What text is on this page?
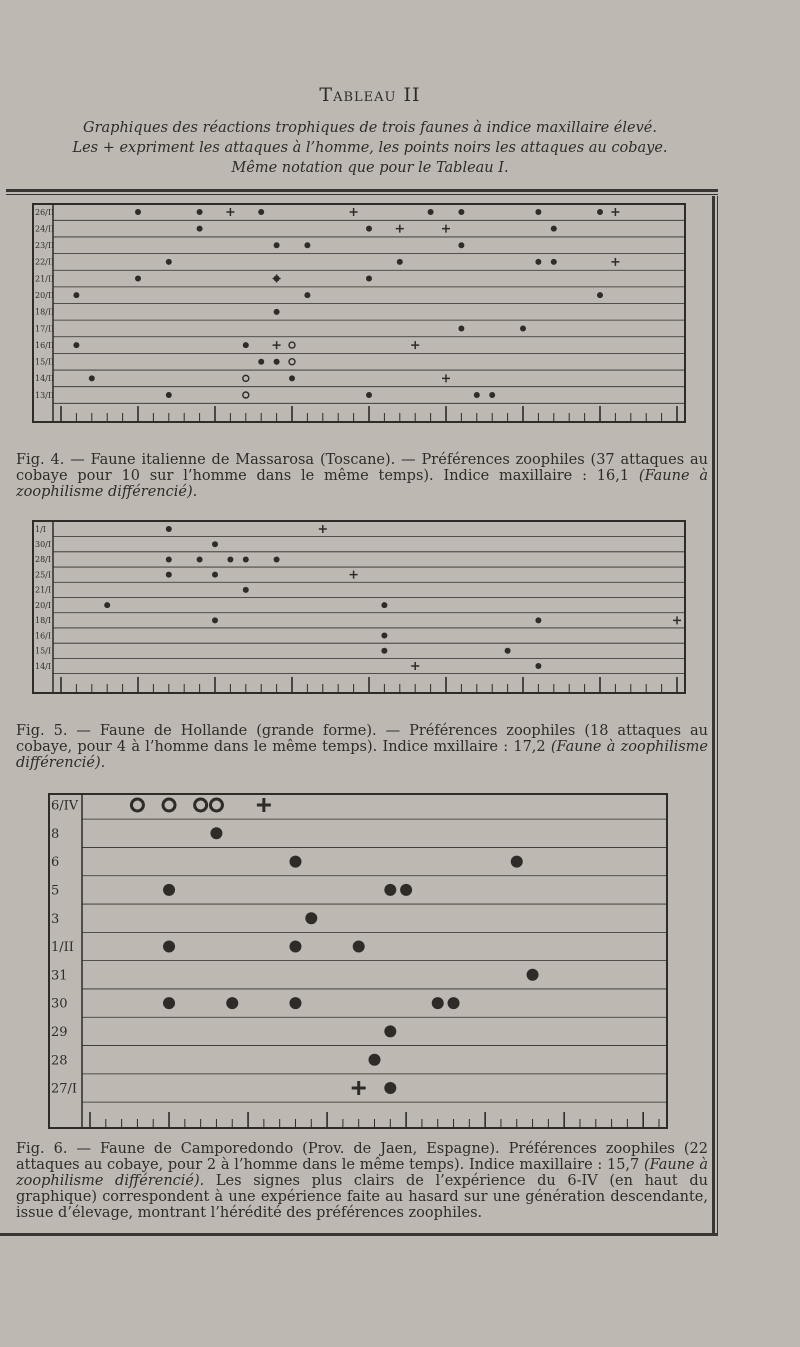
Tableau II
Graphiques des réactions trophiques de trois faunes à indice maxillaire élevé.
Les + expriment les attaques à l’homme, les points noirs les attaques au cobaye.
Même notation que pour le Tableau I.
26/II
24/II
23/II
22/II
21/II
20/II
18/II
17/II
16/II
15/II
14/II
13/II
1/I
30/I
28/I
25/I
21/I
20/I
18/I
16/I
15/I
14/I
6/IV
8
6
5
3
1/II
31
30
29
28
27/I
Fig. 4. — Faune italienne de Massarosa (Toscane). — Préférences zoophiles (37 attaques au cobaye pour 10 sur l’homme dans le même temps). Indice maxillaire : 16,1 (Faune à zoophilisme différencié).
Fig. 5. — Faune de Hollande (grande forme). — Préférences zoophiles (18 attaques au cobaye, pour 4 à l’homme dans le même temps). Indice mxillaire : 17,2 (Faune à zoophilisme différencié).
Fig. 6. — Faune de Camporedondo (Prov. de Jaen, Espagne). Préférences zoophiles (22 attaques au cobaye, pour 2 à l’homme dans le même temps). Indice maxillaire : 15,7 (Faune à zoophilisme différencié). Les signes plus clairs de l’expérience du 6-IV (en haut du graphique) correspondent à une expérience faite au hasard sur une génération descendante, issue d’élevage, montrant l’hérédité des préférences zoophiles.
